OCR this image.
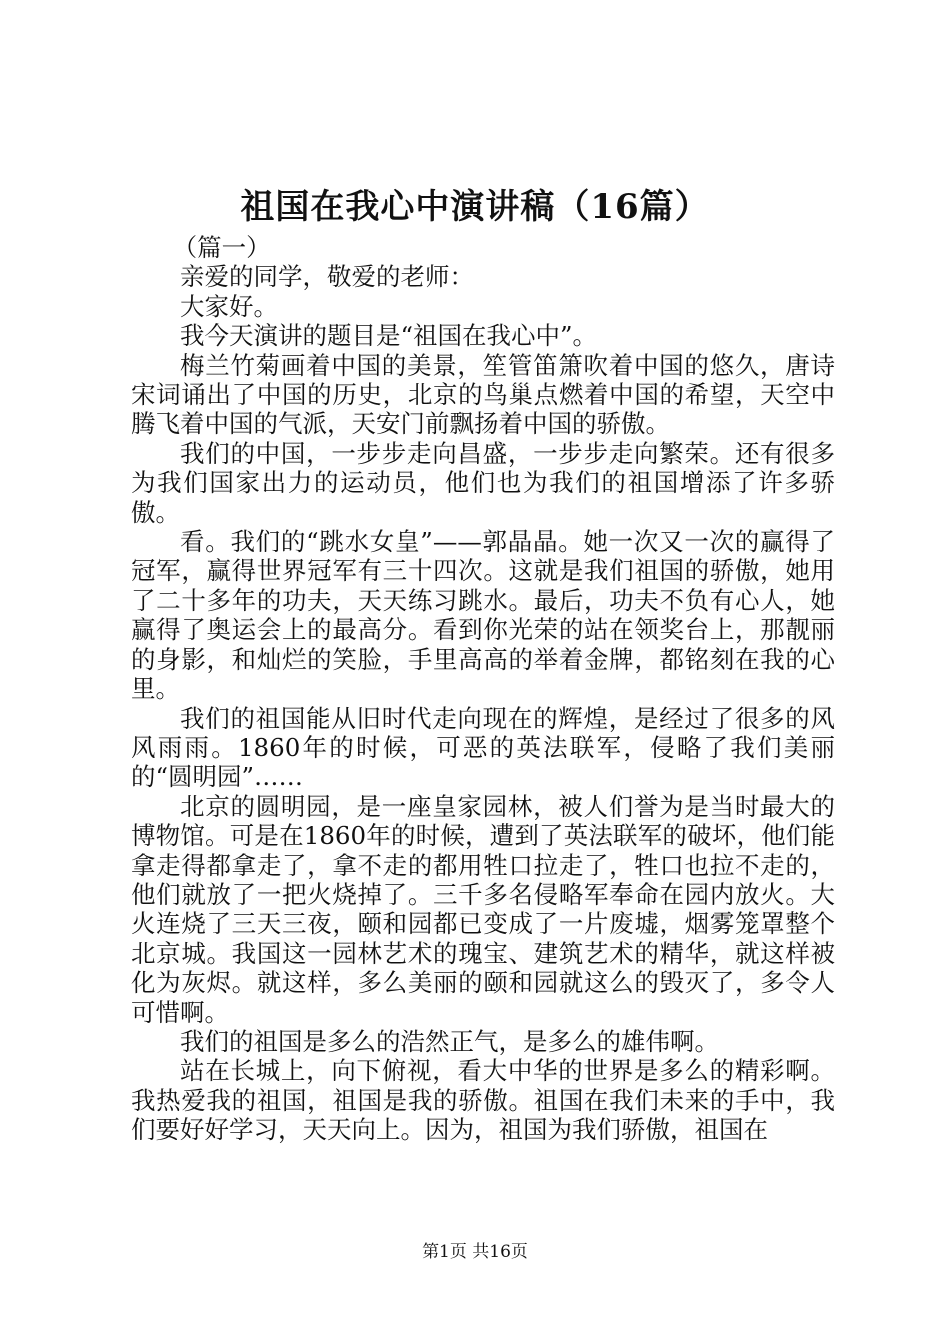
祖国在我心中演讲稿（16篇）

（篇一）

亲爱的同学，敬爱的老师：

大家好。

我今天演讲的题目是“祖国在我心中”。

梅兰竹菊画着中国的美景，笙管笛箫吹着中国的悠久，唐诗宋词诵出了中国的历史，北京的鸟巢点燃着中国的希望，天空中腾飞着中国的气派，天安门前飘扬着中国的骄傲。

我们的中国，一步步走向昌盛，一步步走向繁荣。还有很多为我们国家出力的运动员，他们也为我们的祖国增添了许多骄傲。

看。我们的“跳水女皇”——郭晶晶。她一次又一次的赢得了冠军，赢得世界冠军有三十四次。这就是我们祖国的骄傲，她用了二十多年的功夫，天天练习跳水。最后，功夫不负有心人，她赢得了奥运会上的最高分。看到你光荣的站在领奖台上，那靓丽的身影，和灿烂的笑脸，手里高高的举着金牌，都铭刻在我的心里。

我们的祖国能从旧时代走向现在的辉煌，是经过了很多的风风雨雨。1860年的时候，可恶的英法联军，侵略了我们美丽的“圆明园”……

北京的圆明园，是一座皇家园林，被人们誉为是当时最大的博物馆。可是在1860年的时候，遭到了英法联军的破坏，他们能拿走得都拿走了，拿不走的都用牲口拉走了，牲口也拉不走的，他们就放了一把火烧掉了。三千多名侵略军奉命在园内放火。大火连烧了三天三夜，颐和园都已变成了一片废墟，烟雾笼罩整个北京城。我国这一园林艺术的瑰宝、建筑艺术的精华，就这样被化为灰烬。就这样，多么美丽的颐和园就这么的毁灭了，多令人可惜啊。

我们的祖国是多么的浩然正气，是多么的雄伟啊。

站在长城上，向下俯视，看大中华的世界是多么的精彩啊。我热爱我的祖国，祖国是我的骄傲。祖国在我们未来的手中，我们要好好学习，天天向上。因为，祖国为我们骄傲，祖国在

第1页 共16页
